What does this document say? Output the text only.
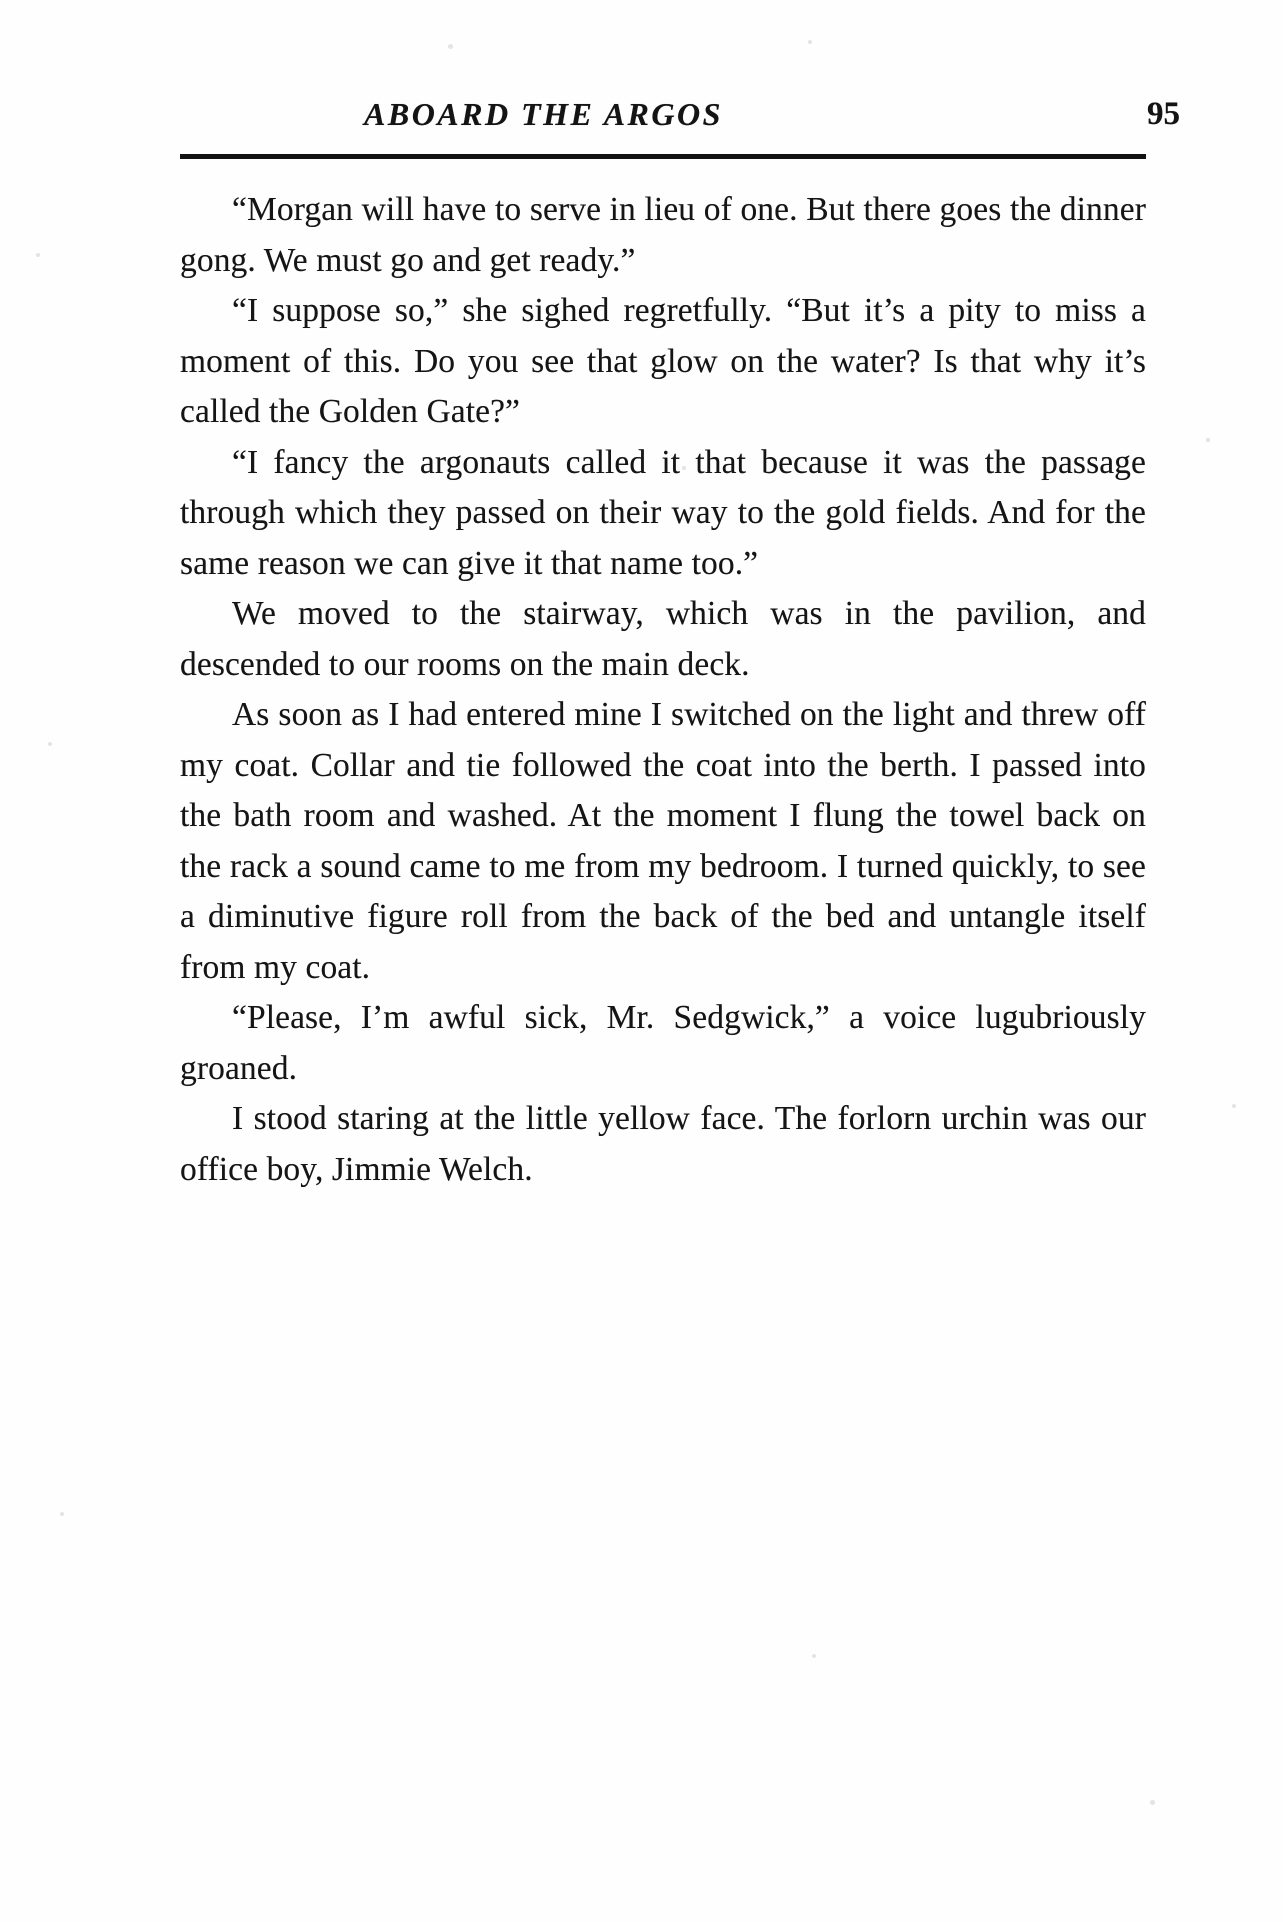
ABOARD THE ARGOS	95

“Morgan will have to serve in lieu of one. But there goes the dinner gong. We must go and get ready.”

“I suppose so,” she sighed regretfully. “But it’s a pity to miss a moment of this. Do you see that glow on the water? Is that why it’s called the Golden Gate?”

“I fancy the argonauts called it that because it was the passage through which they passed on their way to the gold fields. And for the same reason we can give it that name too.”

We moved to the stairway, which was in the pavilion, and descended to our rooms on the main deck.

As soon as I had entered mine I switched on the light and threw off my coat. Collar and tie followed the coat into the berth. I passed into the bath room and washed. At the moment I flung the towel back on the rack a sound came to me from my bedroom. I turned quickly, to see a diminutive figure roll from the back of the bed and untangle itself from my coat.

“Please, I’m awful sick, Mr. Sedgwick,” a voice lugubriously groaned.

I stood staring at the little yellow face. The forlorn urchin was our office boy, Jimmie Welch.
